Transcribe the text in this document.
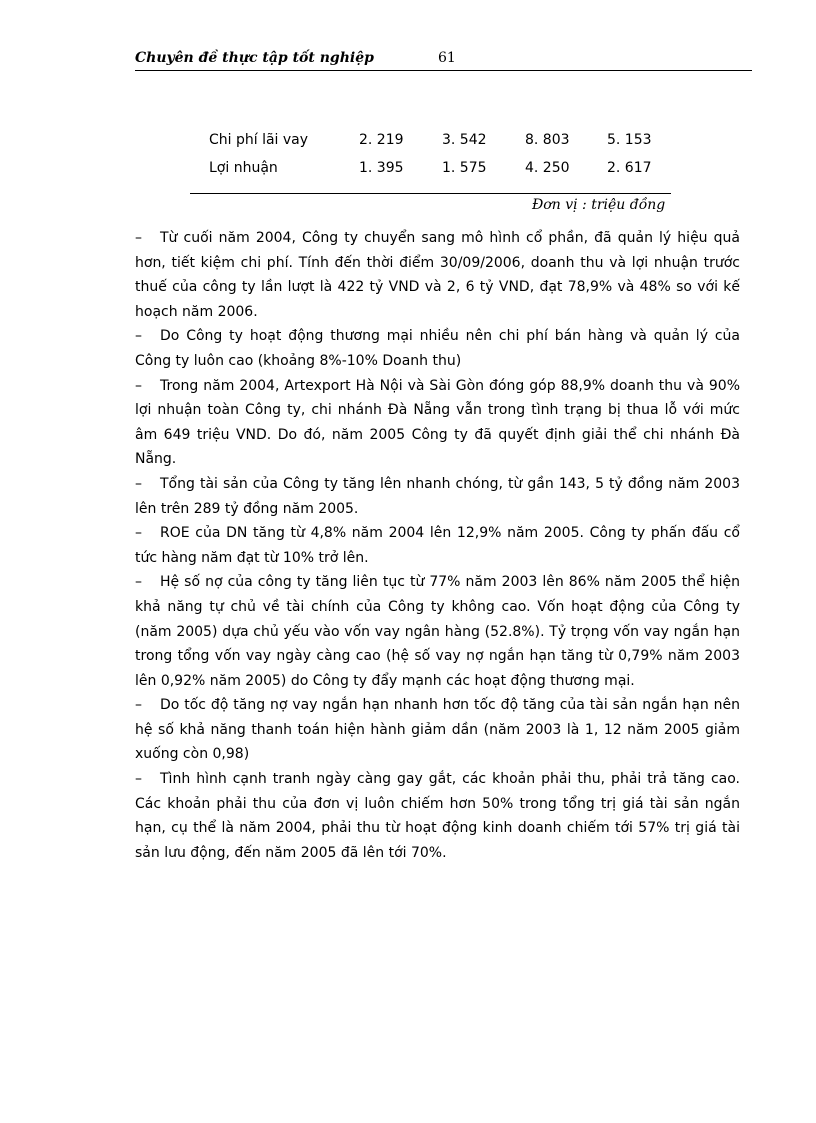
Chuyên đề thực tập tốt nghiệp	61
Chi phí lãi vay	2. 219	3. 542	8. 803	5. 153
Lợi nhuận	1. 395	1. 575	4. 250	2. 617
Đơn vị : triệu đồng

– Từ cuối năm 2004, Công ty chuyển sang mô hình cổ phần, đã quản lý hiệu quả hơn, tiết kiệm chi phí. Tính đến thời điểm 30/09/2006, doanh thu và lợi nhuận trước thuế của công ty lần lượt là 422 tỷ VND và 2, 6 tỷ VND, đạt 78,9% và 48% so với kế hoạch năm 2006.

– Do Công ty hoạt động thương mại nhiều nên chi phí bán hàng và quản lý của Công ty luôn cao (khoảng 8%-10% Doanh thu)

– Trong năm 2004, Artexport Hà Nội và Sài Gòn đóng góp 88,9% doanh thu và 90% lợi nhuận toàn Công ty, chi nhánh Đà Nẵng vẫn trong tình trạng bị thua lỗ với mức âm 649 triệu VND. Do đó, năm 2005 Công ty đã quyết định giải thể chi nhánh Đà Nẵng.

– Tổng tài sản của Công ty tăng lên nhanh chóng, từ gần 143, 5 tỷ đồng năm 2003 lên trên 289 tỷ đồng năm 2005.

– ROE của DN tăng từ 4,8% năm 2004 lên 12,9% năm 2005. Công ty phấn đấu cổ tức hàng năm đạt từ 10% trở lên.

– Hệ số nợ của công ty tăng liên tục từ 77% năm 2003 lên 86% năm 2005 thể hiện khả năng tự chủ về tài chính của Công ty không cao. Vốn hoạt động của Công ty (năm 2005) dựa chủ yếu vào vốn vay ngân hàng (52.8%). Tỷ trọng vốn vay ngắn hạn trong tổng vốn vay ngày càng cao (hệ số vay nợ ngắn hạn tăng từ 0,79% năm 2003 lên 0,92% năm 2005) do Công ty đẩy mạnh các hoạt động thương mại.

– Do tốc độ tăng nợ vay ngắn hạn nhanh hơn tốc độ tăng của tài sản ngắn hạn nên hệ số khả năng thanh toán hiện hành giảm dần (năm 2003 là 1, 12 năm 2005 giảm xuống còn 0,98)

– Tình hình cạnh tranh ngày càng gay gắt, các khoản phải thu, phải trả tăng cao. Các khoản phải thu của đơn vị luôn chiếm hơn 50% trong tổng trị giá tài sản ngắn hạn, cụ thể là năm 2004, phải thu từ hoạt động kinh doanh chiếm tới 57% trị giá tài sản lưu động, đến năm 2005 đã lên tới 70%.
